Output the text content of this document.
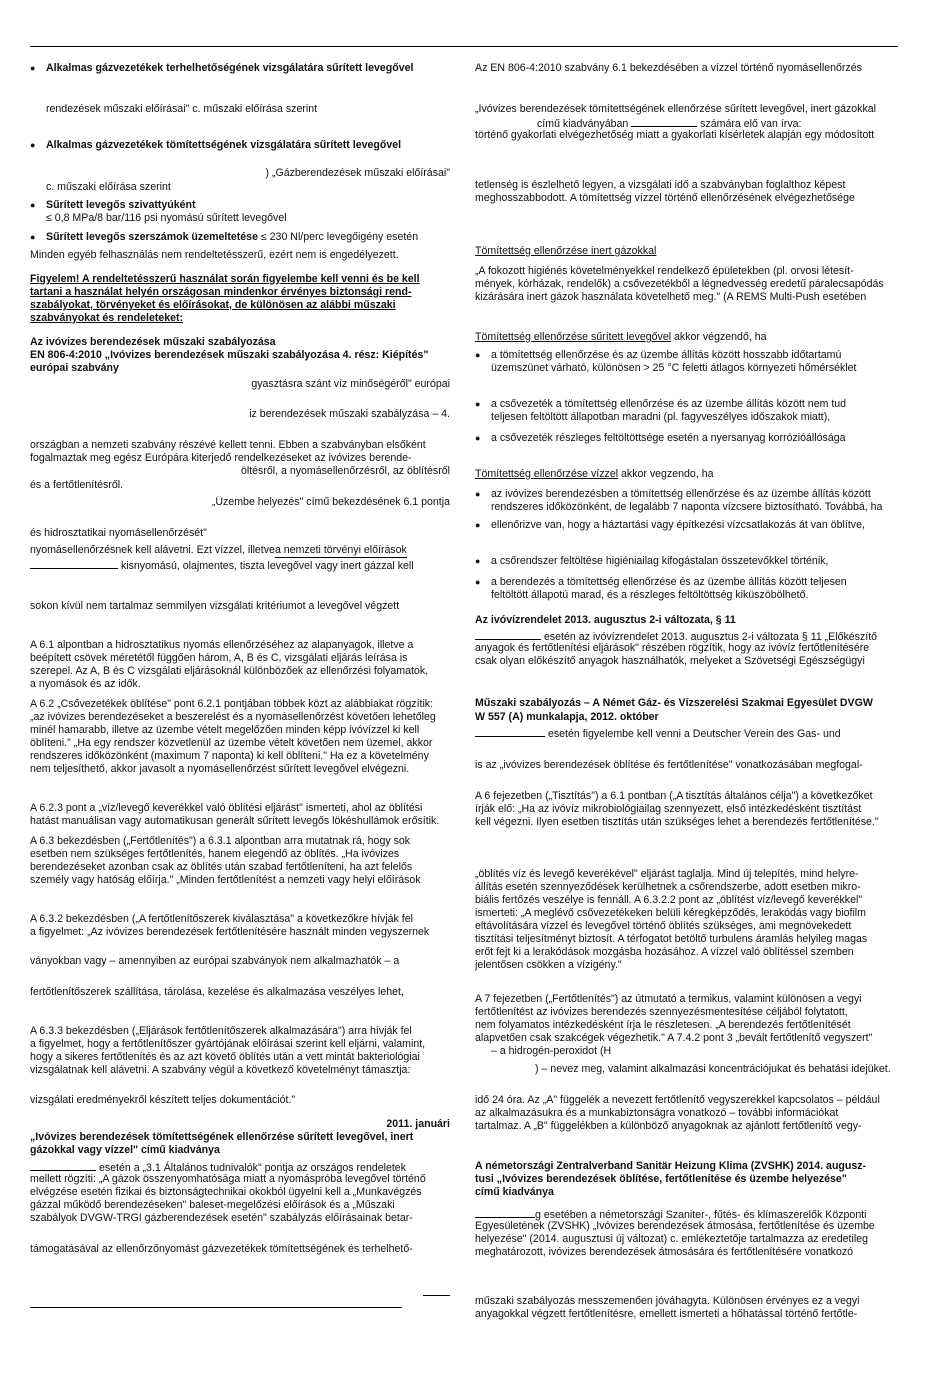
● Alkalmas gázvezetékek terhelhetőségének vizsgálatára sűrített levegővel
rendezések műszaki előírásai" c. műszaki előírása szerint
● Alkalmas gázvezetékek tömítettségének vizsgálatára sűrített levegővel
) „Gázberendezések műszaki előírásai"
c. műszaki előírása szerint
● Sűrített levegős szivattyúként
≤ 0,8 MPa/8 bar/116 psi nyomású sűrített levegővel
● Sűrített levegős szerszámok üzemeltetése ≤ 230 Nl/perc levegőigény esetén
Minden egyéb felhasználás nem rendeltetésszerű, ezért nem is engedélyezett.
Figyelem! A rendeltetésszerű használat során figyelembe kell venni és be kell
tartani a használat helyén országosan mindenkor érvényes biztonsági rend-
szabályokat, törvényeket és előírásokat, de különösen az alábbi műszaki
szabványokat és rendeleteket:
Az ivóvizes berendezések műszaki szabályozása
EN 806-4:2010 „Ivóvizes berendezések műszaki szabályozása 4. rész: Kiépítés"
európai szabvány
gyasztásra szánt víz minőségéről" európai
iz berendezések műszaki szabályzása – 4.
országban a nemzeti szabvány részévé kellett tenni. Ebben a szabványban elsőként
fogalmaztak meg egész Európára kiterjedő rendelkezéseket az ivóvizes berende-
öltésről, a nyomásellenőrzésről, az öblítésről
és a fertőtlenítésről.
„Üzembe helyezés" című bekezdésének 6.1 pontja
és hidrosztatikai nyomásellenőrzését"
nyomásellenőrzésnek kell alávetni. Ezt vízzel, illetvea nemzeti törvényi előírások
kisnyomású, olajmentes, tiszta levegővel vagy inert gázzal kell
sokon kívül nem tartalmaz semmilyen vizsgálati kritériumot a levegővel végzett
A 6.1 alpontban a hidrosztatikus nyomás ellenőrzéséhez az alapanyagok, illetve a
beépített csövek méretétől függően három, A, B és C, vizsgálati eljárás leírása is
szerepel. Az A, B és C vizsgálati eljárásoknál különbözőek az ellenőrzési folyamatok,
a nyomások és az idők.
A 6.2 „Csővezetékek öblítése" pont 6.2.1 pontjában többek közt az alábbiakat rögzítik:
„az ivóvizes berendezéseket a beszerelést és a nyomásellenőrzést követően lehetőleg
minél hamarabb, illetve az üzembe vételt megelőzően minden képp ivóvízzel ki kell
öblíteni." „Ha egy rendszer közvetlenül az üzembe vételt követően nem üzemel, akkor
rendszeres időközönként (maximum 7 naponta) ki kell öblíteni." Ha ez a követelmény
nem teljesíthető, akkor javasolt a nyomásellenőrzést sűrített levegővel elvégezni.
A 6.2.3 pont a „víz/levegő keverékkel való öblítési eljárást" ismerteti, ahol az öblítési
hatást manuálisan vagy automatikusan generált sűrített levegős lökéshullámok erősítik.
A 6.3 bekezdésben („Fertőtlenítés") a 6.3.1 alpontban arra mutatnak rá, hogy sok
esetben nem szükséges fertőtlenítés, hanem elegendő az öblítés. „Ha ivóvizes
berendezéseket azonban csak az öblítés után szabad fertőtleníteni, ha azt felelős
személy vagy hatóság előírja." „Minden fertőtlenítést a nemzeti vagy helyi előírások
A 6.3.2 bekezdésben („A fertőtlenítőszerek kiválasztása" a következőkre hívják fel
a figyelmet: „Az ivóvizes berendezések fertőtlenítésére használt minden vegyszernek
ványokban vagy – amennyiben az európai szabványok nem alkalmazhatók – a
fertőtlenítőszerek szállítása, tárolása, kezelése és alkalmazása veszélyes lehet,
A 6.3.3 bekezdésben („Eljárások fertőtlenítőszerek alkalmazására") arra hívják fel
a figyelmet, hogy a fertőtlenítőszer gyártójának előírásai szerint kell eljárni, valamint,
hogy a sikeres fertőtlenítés és az azt követő öblítés után a vett mintát bakteriológiai
vizsgálatnak kell alávetni. A szabvány végül a következő követelményt támasztja:
vizsgálati eredményekről készített teljes dokumentációt."
2011. januári
„Ivóvizes berendezések tömítettségének ellenőrzése sűrített levegővel, inert
gázokkal vagy vízzel" című kiadványa
esetén a „3.1 Általános tudnivalók" pontja az országos rendeletek
mellett rögzíti: „A gázok összenyomhatósága miatt a nyomáspróba levegővel történő
elvégzése esetén fizikai és biztonságtechnikai okokból ügyelni kell a „Munkavégzés
gázzal működő berendezéseken" baleset-megelőzési előírások és a „Műszaki
szabályok DVGW-TRGI gázberendezések esetén" szabályzás előírásainak betar-
támogatásával az ellenőrzőnyomást gázvezetékek tömítettségének és terhelhető-
Az EN 806-4:2010 szabvány 6.1 bekezdésében a vízzel történő nyomásellenőrzés
„Ivóvizes berendezések tömítettségének ellenőrzése sűrített levegővel, inert gázokkal
című kiadványában	számára elő van írva:
történő gyakorlati elvégezhetőség miatt a gyakorlati kísérletek alapján egy módosított
tetlenség is észlelhető legyen, a vizsgálati idő a szabványban foglalthoz képest
meghosszabbodott. A tömítettség vízzel történő ellenőrzésének elvégezhetősége
Tömítettség ellenőrzése inert gázokkal
„A fokozott higiénés követelményekkel rendelkező épületekben (pl. orvosi létesít-
mények, kórházak, rendelők) a csővezetékből a légnedvesség eredetű páralecsapódás
kizárására inert gázok használata követelhető meg." (A REMS Multi-Push esetében
Tömítettség ellenőrzése sűrített levegővel akkor végzendő, ha
● a tömítettség ellenőrzése és az üzembe állítás között hosszabb időtartamú
üzemszünet várható, különösen > 25 °C feletti átlagos környezeti hőmérséklet
● a csővezeték a tömítettség ellenőrzése és az üzembe állítás között nem tud
teljesen feltöltött állapotban maradni (pl. fagyveszélyes időszakok miatt),
● a csővezeték részleges feltöltöttsége esetén a nyersanyag korrózióállósága
Tömítettség ellenőrzése vízzel akkor vegzendo, ha
● az ivóvizes berendezésben a tömítettség ellenőrzése és az üzembe állítás között
rendszeres időközönként, de legalább 7 naponta vízcsere biztosítható. Továbbá, ha
● ellenőrizve van, hogy a háztartási vagy építkezési vízcsatlakozás át van öblítve,
● a csőrendszer feltöltése higiéniailag kifogástalan összetevőkkel történik,
● a berendezés a tömítettség ellenőrzése és az üzembe állítás között teljesen
feltöltött állapotú marad, és a részleges feltöltöttség kiküszöbölhető.
Az ivóvízrendelet 2013. augusztus 2-i változata, § 11
esetén az ivóvízrendelet 2013. augusztus 2-i változata § 11 „Előkészítő
anyagok és fertőtlenítési eljárások" részében rögzítik, hogy az ivóvíz fertőtlenítésére
csak olyan előkészítő anyagok használhatók, melyeket a Szövetségi Egészségügyi
Műszaki szabályozás – A Német Gáz- és Vízszerelési Szakmai Egyesület DVGW
W 557 (A) munkalapja, 2012. október
esetén figyelembe kell venni a Deutscher Verein des Gas- und
is az „ivóvizes berendezések öblítése és fertőtlenítése" vonatkozásában megfogal-
A 6 fejezetben („Tisztítás") a 6.1 pontban („A tisztítás általános célja") a következőket
írják elő: „Ha az ivóvíz mikrobiológiailag szennyezett, első intézkedésként tisztítást
kell végezni. Ilyen esetben tisztítás után szükséges lehet a berendezés fertőtlenítése."
„öblítés víz és levegő keverékével" eljárást taglalja. Mind új telepítés, mind helyre-
állítás esetén szennyeződések kerülhetnek a csőrendszerbe, adott esetben mikro-
biális fertőzés veszélye is fennáll. A 6.3.2.2 pont az „öblítést víz/levegő keverékkel"
ismerteti: „A meglévő csővezetékeken belüli kéregképződés, lerakódás vagy biofilm
eltávolítására vízzel és levegővel történő öblítés szükséges, ami megnövekedett
tisztítási teljesítményt biztosít. A térfogatot betöltő turbulens áramlás helyileg magas
erőt fejt ki a lerakódások mozgásba hozásához. A vízzel való öblítéssel szemben
jelentősen csökken a vízigény."
A 7 fejezetben („Fertőtlenítés") az útmutató a termikus, valamint különösen a vegyi
fertőtlenítést az ivóvizes berendezés szennyezésmentesítése céljából folytatott,
nem folyamatos intézkedésként írja le részletesen. „A berendezés fertőtlenítését
alapvetően csak szakcégek végezhetik." A 7.4.2 pont 3 „bevált fertőtlenítő vegyszert"
– a hidrogén-peroxidot (H
) – nevez meg, valamint alkalmazási koncentrációjukat és behatási idejüket.
idő 24 óra. Az „A" függelék a nevezett fertőtlenítő vegyszerekkel kapcsolatos – például
az alkalmazásukra és a munkabiztonságra vonatkozó – további információkat
tartalmaz. A „B" függelékben a különböző anyagoknak az ajánlott fertőtlenítő vegy-
A németországi Zentralverband Sanitär Heizung Klima (ZVSHK) 2014. augusz-
tusi „Ivóvizes berendezések öblítése, fertőtlenítése és üzembe helyezése"
című kiadványa
g esetében a németországi Szaniter-, fűtés- és klímaszerelők Központi
Egyesületének (ZVSHK) „Ivóvizes berendezések átmosása, fertőtlenítése és üzembe
helyezése" (2014. augusztusi új változat) c. emlékeztetője tartalmazza az eredetileg
meghatározott, ivóvizes berendezések átmosására és fertőtlenítésére vonatkozó
műszaki szabályozás messzemenően jóváhagyta. Különösen érvényes ez a vegyi
anyagokkal végzett fertőtlenítésre, emellett ismerteti a hőhatással történő fertőtle-
